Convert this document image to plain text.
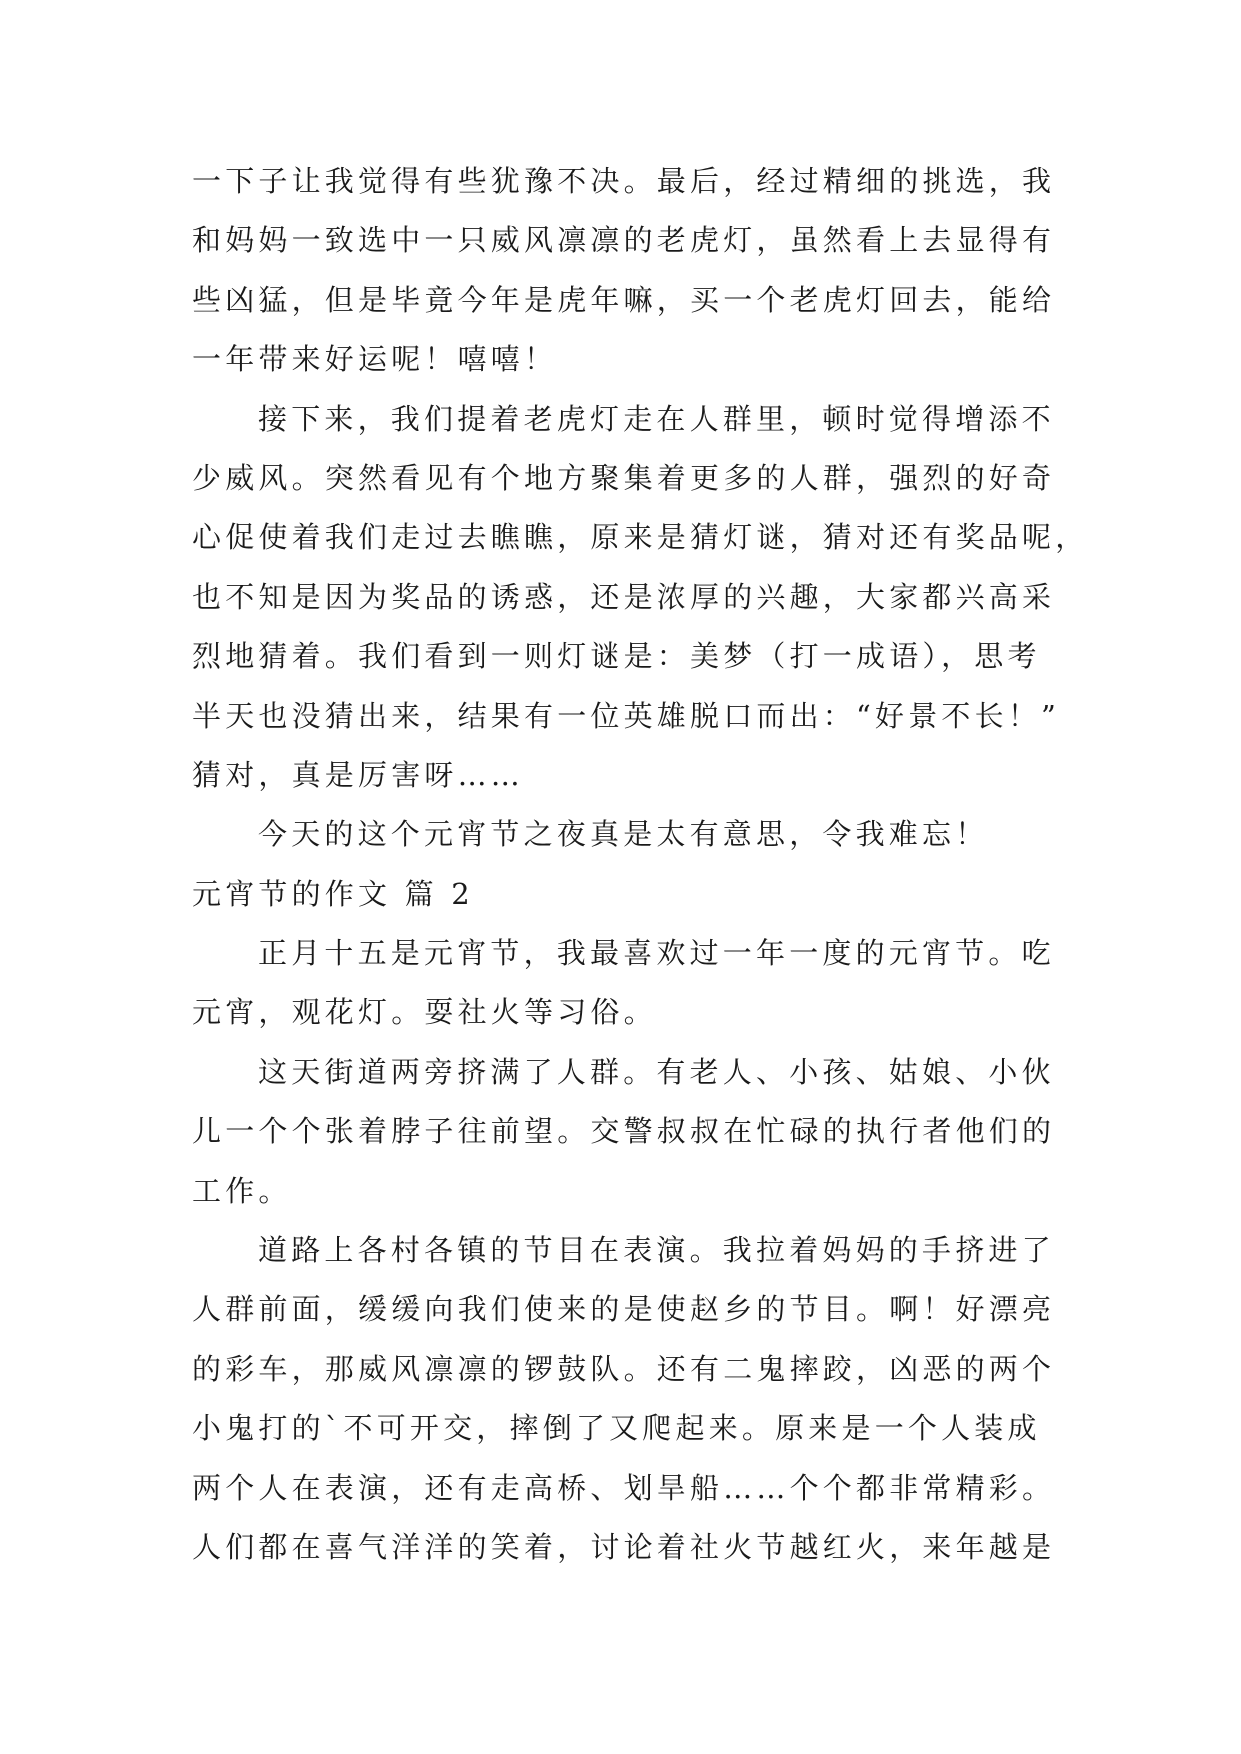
一下子让我觉得有些犹豫不决。最后，经过精细的挑选，我
和妈妈一致选中一只威风凛凛的老虎灯，虽然看上去显得有
些凶猛，但是毕竟今年是虎年嘛，买一个老虎灯回去，能给
一年带来好运呢！嘻嘻！
接下来，我们提着老虎灯走在人群里，顿时觉得增添不
少威风。突然看见有个地方聚集着更多的人群，强烈的好奇
心促使着我们走过去瞧瞧，原来是猜灯谜，猜对还有奖品呢，
也不知是因为奖品的诱惑，还是浓厚的兴趣，大家都兴高采
烈地猜着。我们看到一则灯谜是：美梦（打一成语），思考
半天也没猜出来，结果有一位英雄脱口而出：“好景不长！”
猜对，真是厉害呀……
今天的这个元宵节之夜真是太有意思，令我难忘！
元宵节的作文 篇 2
正月十五是元宵节，我最喜欢过一年一度的元宵节。吃
元宵，观花灯。耍社火等习俗。
这天街道两旁挤满了人群。有老人、小孩、姑娘、小伙
儿一个个张着脖子往前望。交警叔叔在忙碌的执行者他们的
工作。
道路上各村各镇的节目在表演。我拉着妈妈的手挤进了
人群前面，缓缓向我们使来的是使赵乡的节目。啊！好漂亮
的彩车，那威风凛凛的锣鼓队。还有二鬼摔跤，凶恶的两个
小鬼打的`不可开交，摔倒了又爬起来。原来是一个人装成
两个人在表演，还有走高桥、划旱船……个个都非常精彩。
人们都在喜气洋洋的笑着，讨论着社火节越红火，来年越是
